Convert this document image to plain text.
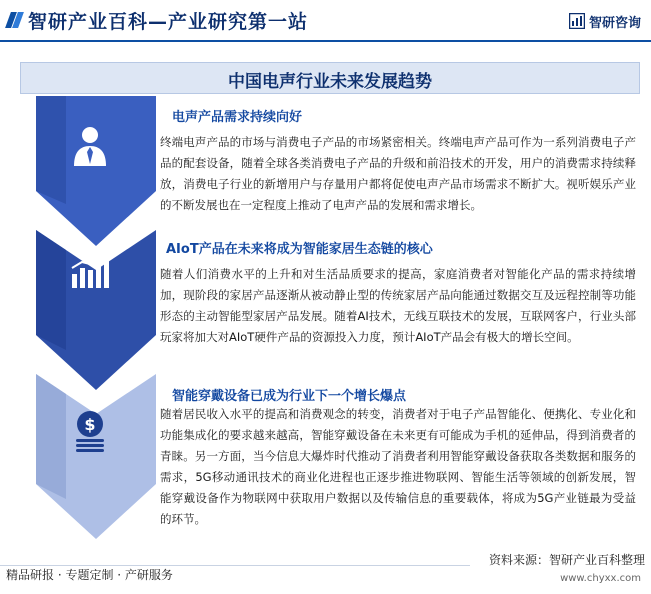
智研产业百科—产业研究第一站	智研咨询
中国电声行业未来发展趋势
电声产品需求持续向好
终端电声产品的市场与消费电子产品的市场紧密相关。终端电声产品可作为一系列消费电子产品的配套设备，随着全球各类消费电子产品的升级和前沿技术的开发，用户的消费需求持续释放，消费电子行业的新增用户与存量用户都将促使电声产品市场需求不断扩大。视听娱乐产业的不断发展也在一定程度上推动了电声产品的发展和需求增长。
AIoT产品在未来将成为智能家居生态链的核心
随着人们消费水平的上升和对生活品质要求的提高，家庭消费者对智能化产品的需求持续增加，现阶段的家居产品逐渐从被动静止型的传统家居产品向能通过数据交互及远程控制等功能形态的主动智能型家居产品发展。随着AI技术，无线互联技术的发展，互联网客户，行业头部玩家将加大对AIoT硬件产品的资源投入力度，预计AIoT产品会有极大的增长空间。
$
智能穿戴设备已成为行业下一个增长爆点
随着居民收入水平的提高和消费观念的转变，消费者对于电子产品智能化、便携化、专业化和功能集成化的要求越来越高，智能穿戴设备在未来更有可能成为手机的延伸品，得到消费者的青睐。另一方面，当今信息大爆炸时代推动了消费者利用智能穿戴设备获取各类数据和服务的需求，5G移动通讯技术的商业化进程也正逐步推进物联网、智能生活等领域的创新发展，智能穿戴设备作为物联网中获取用户数据以及传输信息的重要载体，将成为5G产业链最为受益的环节。
资料来源：智研产业百科整理
精品研报 · 专题定制 · 产研服务	www.chyxx.com
